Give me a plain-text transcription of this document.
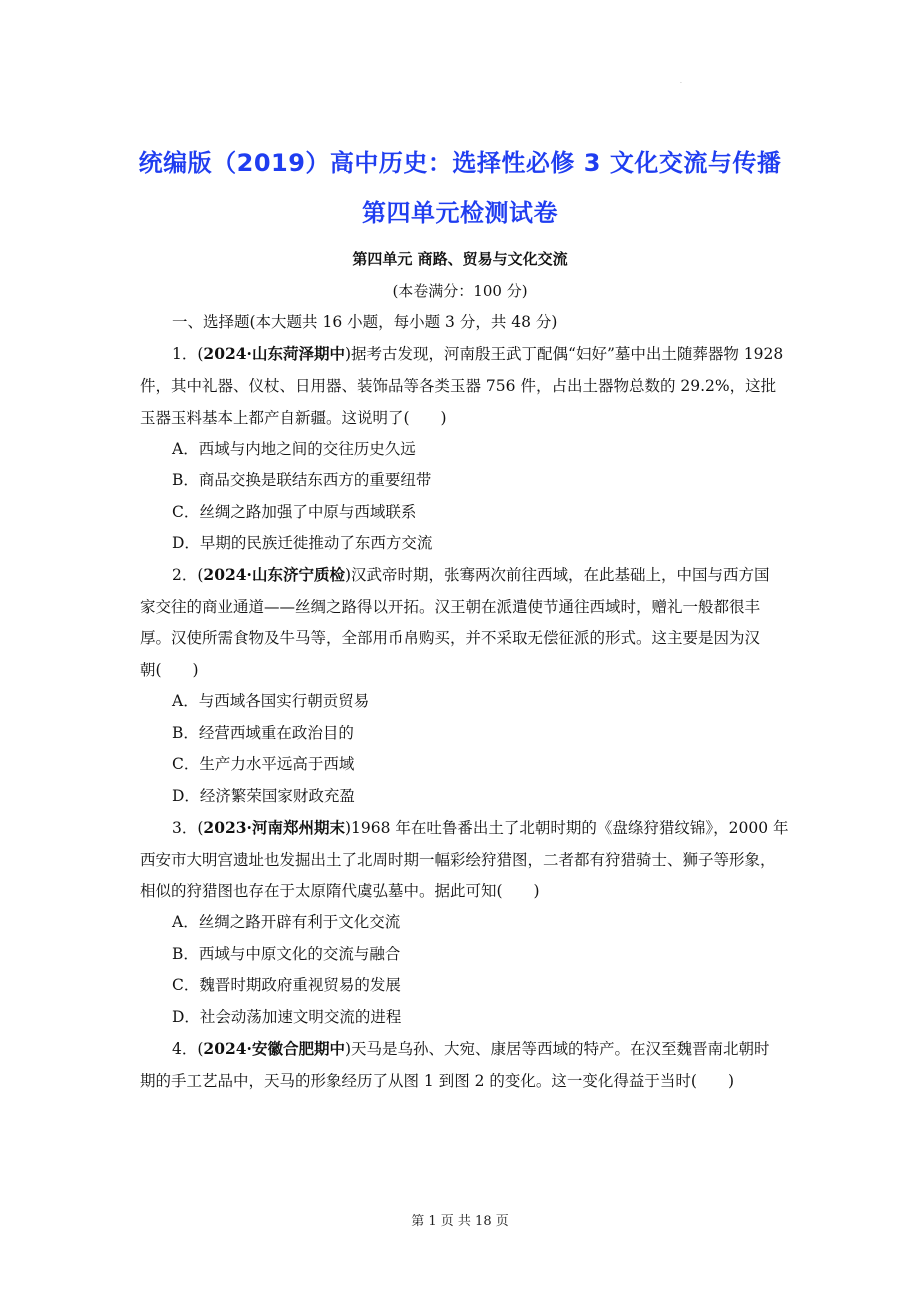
.
统编版（2019）高中历史：选择性必修 3 文化交流与传播
第四单元检测试卷
第四单元 商路、贸易与文化交流
(本卷满分：100 分)
一、选择题(本大题共 16 小题，每小题 3 分，共 48 分)
1．(2024·山东菏泽期中)据考古发现，河南殷王武丁配偶“妇好”墓中出土随葬器物 1928
件，其中礼器、仪杖、日用器、装饰品等各类玉器 756 件，占出土器物总数的 29.2%，这批
玉器玉料基本上都产自新疆。这说明了(　　)
A．西域与内地之间的交往历史久远
B．商品交换是联结东西方的重要纽带
C．丝绸之路加强了中原与西域联系
D．早期的民族迁徙推动了东西方交流
2．(2024·山东济宁质检)汉武帝时期，张骞两次前往西域，在此基础上，中国与西方国
家交往的商业通道——丝绸之路得以开拓。汉王朝在派遣使节通往西域时，赠礼一般都很丰
厚。汉使所需食物及牛马等，全部用币帛购买，并不采取无偿征派的形式。这主要是因为汉
朝(　　)
A．与西域各国实行朝贡贸易
B．经营西域重在政治目的
C．生产力水平远高于西域
D．经济繁荣国家财政充盈
3．(2023·河南郑州期末)1968 年在吐鲁番出土了北朝时期的《盘绦狩猎纹锦》，2000 年
西安市大明宫遗址也发掘出土了北周时期一幅彩绘狩猎图，二者都有狩猎骑士、狮子等形象，
相似的狩猎图也存在于太原隋代虞弘墓中。据此可知(　　)
A．丝绸之路开辟有利于文化交流
B．西域与中原文化的交流与融合
C．魏晋时期政府重视贸易的发展
D．社会动荡加速文明交流的进程
4．(2024·安徽合肥期中)天马是乌孙、大宛、康居等西域的特产。在汉至魏晋南北朝时
期的手工艺品中，天马的形象经历了从图 1 到图 2 的变化。这一变化得益于当时(　　)
第 1 页 共 18 页
